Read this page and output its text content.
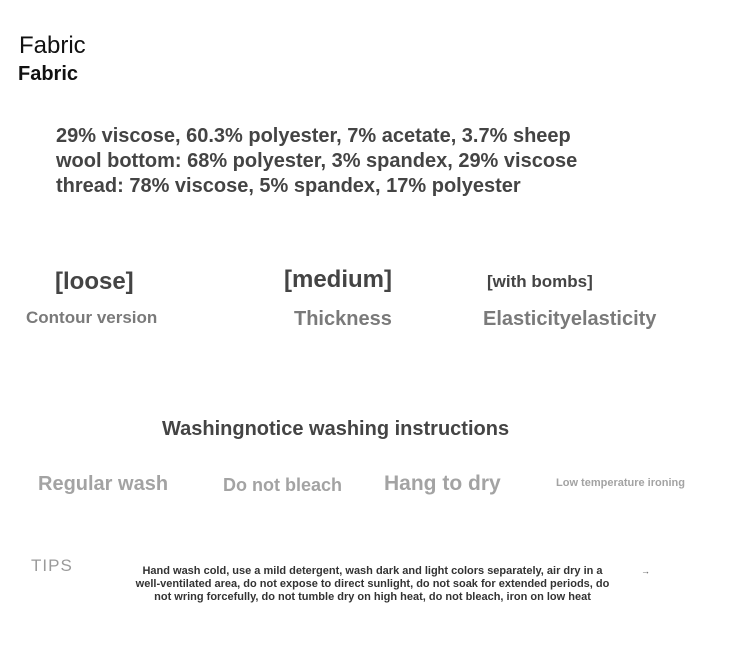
Fabric
Fabric
29% viscose, 60.3% polyester, 7% acetate, 3.7% sheep
wool bottom: 68% polyester, 3% spandex, 29% viscose
thread: 78% viscose, 5% spandex, 17% polyester
[loose]	[medium]	[with bombs]
Contour version	Thickness	Elasticityelasticity
Washingnotice washing instructions
Regular wash	Do not bleach Hang to dry	Low temperature ironing
TIPS	Hand wash cold, use a mild detergent, wash dark and light colors separately, air dry in a
well-ventilated area, do not expose to direct sunlight, do not soak for extended periods, do
not wring forcefully, do not tumble dry on high heat, do not bleach, iron on low heat
→
